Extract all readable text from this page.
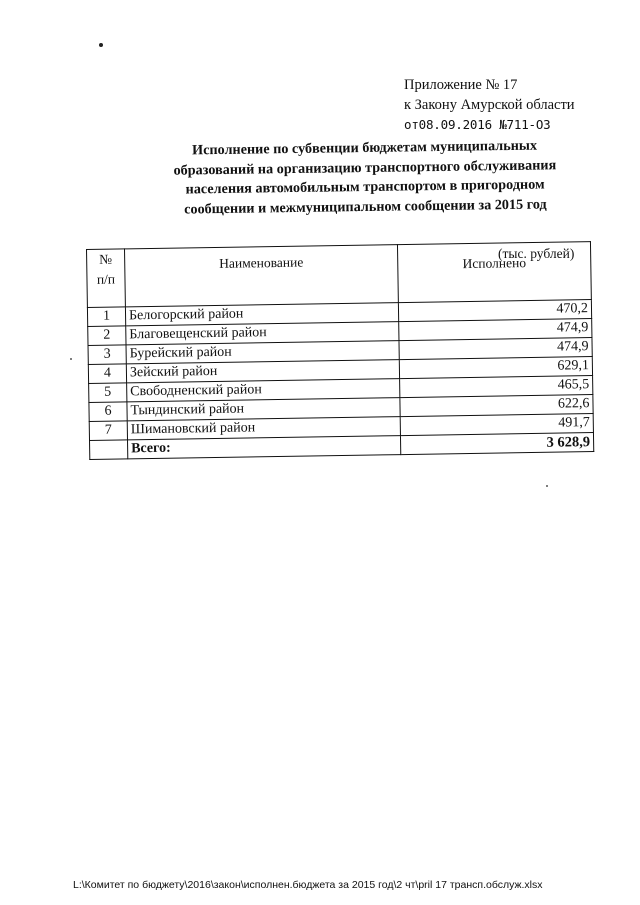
Приложение № 17
к Закону Амурской области
от08.09.2016 №711-ОЗ
Исполнение по субвенции бюджетам муниципальных
образований на организацию транспортного обслуживания
населения автомобильным транспортом в пригородном
сообщении и межмуниципальном сообщении за 2015 год
(тыс. рублей)
№
п/п	Наименование	Исполнено
1	Белогорский район	470,2
2	Благовещенский район	474,9
3	Бурейский район	474,9
4	Зейский район	629,1
5	Свободненский район	465,5
6	Тындинский район	622,6
7	Шимановский район	491,7
	Всего:	3 628,9
L:\Комитет по бюджету\2016\закон\исполнен.бюджета за 2015 год\2 чт\pril 17 трансп.обслуж.xlsx
